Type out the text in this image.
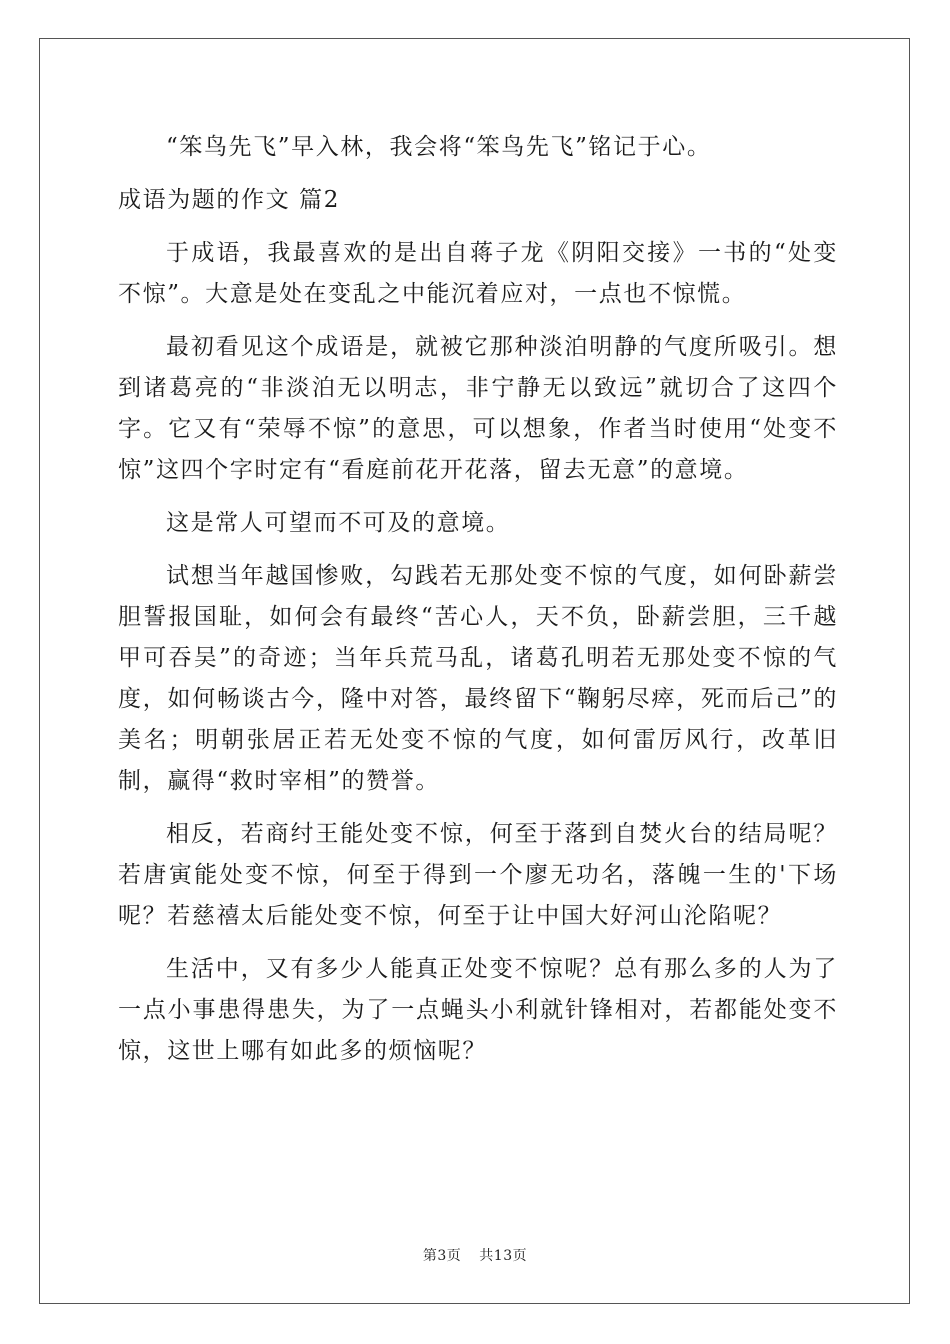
“笨鸟先飞”早入林，我会将“笨鸟先飞”铭记于心。

成语为题的作文 篇2

于成语，我最喜欢的是出自蒋子龙《阴阳交接》一书的“处变不惊”。大意是处在变乱之中能沉着应对，一点也不惊慌。

最初看见这个成语是，就被它那种淡泊明静的气度所吸引。想到诸葛亮的“非淡泊无以明志，非宁静无以致远”就切合了这四个字。它又有“荣辱不惊”的意思，可以想象，作者当时使用“处变不惊”这四个字时定有“看庭前花开花落，留去无意”的意境。

这是常人可望而不可及的意境。

试想当年越国惨败，勾践若无那处变不惊的气度，如何卧薪尝胆誓报国耻，如何会有最终“苦心人，天不负，卧薪尝胆，三千越甲可吞吴”的奇迹；当年兵荒马乱，诸葛孔明若无那处变不惊的气度，如何畅谈古今，隆中对答，最终留下“鞠躬尽瘁，死而后己”的美名；明朝张居正若无处变不惊的气度，如何雷厉风行，改革旧制，赢得“救时宰相”的赞誉。

相反，若商纣王能处变不惊，何至于落到自焚火台的结局呢？若唐寅能处变不惊，何至于得到一个廖无功名，落魄一生的'下场呢？若慈禧太后能处变不惊，何至于让中国大好河山沦陷呢？

生活中，又有多少人能真正处变不惊呢？总有那么多的人为了一点小事患得患失，为了一点蝇头小利就针锋相对，若都能处变不惊，这世上哪有如此多的烦恼呢？

第3页 共13页
